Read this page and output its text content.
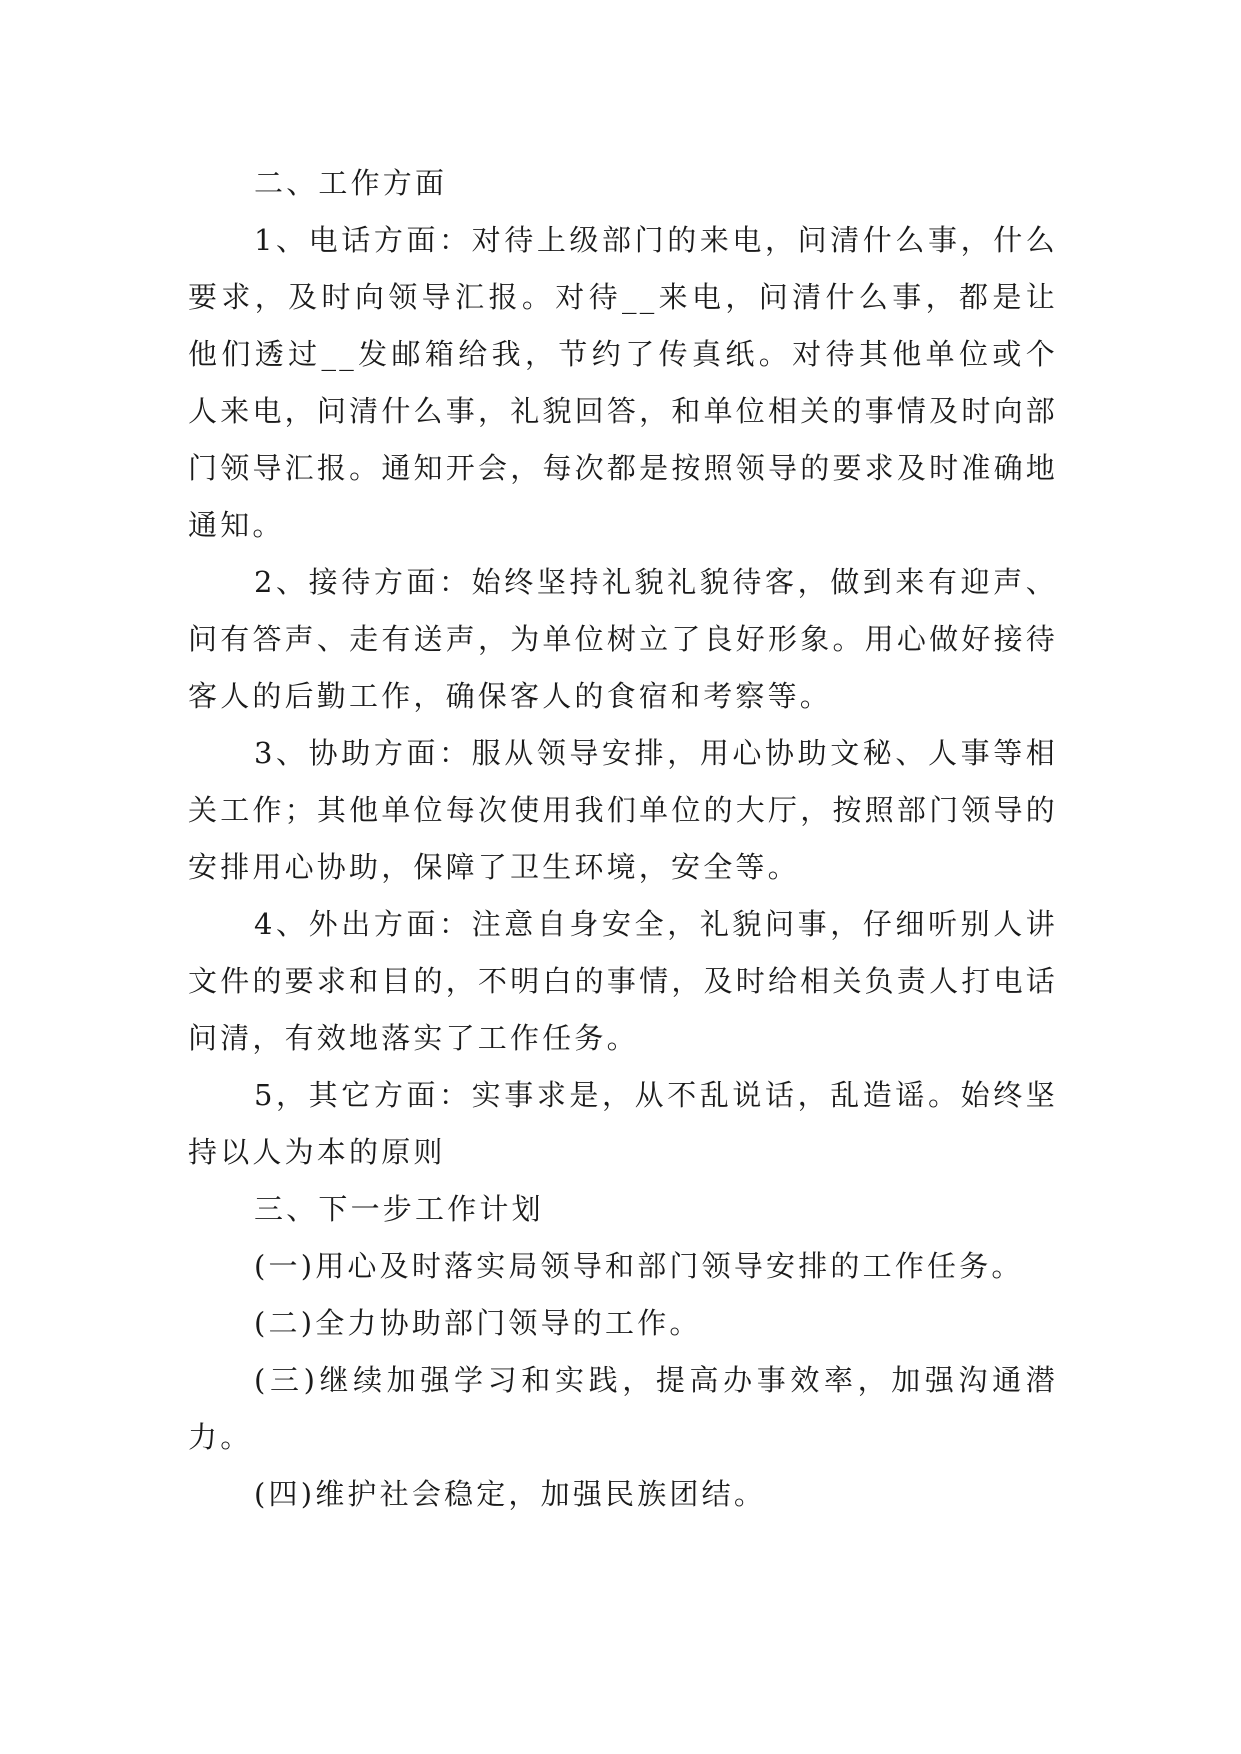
二、工作方面

1、电话方面：对待上级部门的来电，问清什么事，什么要求，及时向领导汇报。对待__来电，问清什么事，都是让他们透过__发邮箱给我，节约了传真纸。对待其他单位或个人来电，问清什么事，礼貌回答，和单位相关的事情及时向部门领导汇报。通知开会，每次都是按照领导的要求及时准确地通知。

2、接待方面：始终坚持礼貌礼貌待客，做到来有迎声、问有答声、走有送声，为单位树立了良好形象。用心做好接待客人的后勤工作，确保客人的食宿和考察等。

3、协助方面：服从领导安排，用心协助文秘、人事等相关工作；其他单位每次使用我们单位的大厅，按照部门领导的安排用心协助，保障了卫生环境，安全等。

4、外出方面：注意自身安全，礼貌问事，仔细听别人讲文件的要求和目的，不明白的事情，及时给相关负责人打电话问清，有效地落实了工作任务。

5，其它方面：实事求是，从不乱说话，乱造谣。始终坚持以人为本的原则

三、下一步工作计划

(一)用心及时落实局领导和部门领导安排的工作任务。

(二)全力协助部门领导的工作。

(三)继续加强学习和实践，提高办事效率，加强沟通潜力。

(四)维护社会稳定，加强民族团结。
